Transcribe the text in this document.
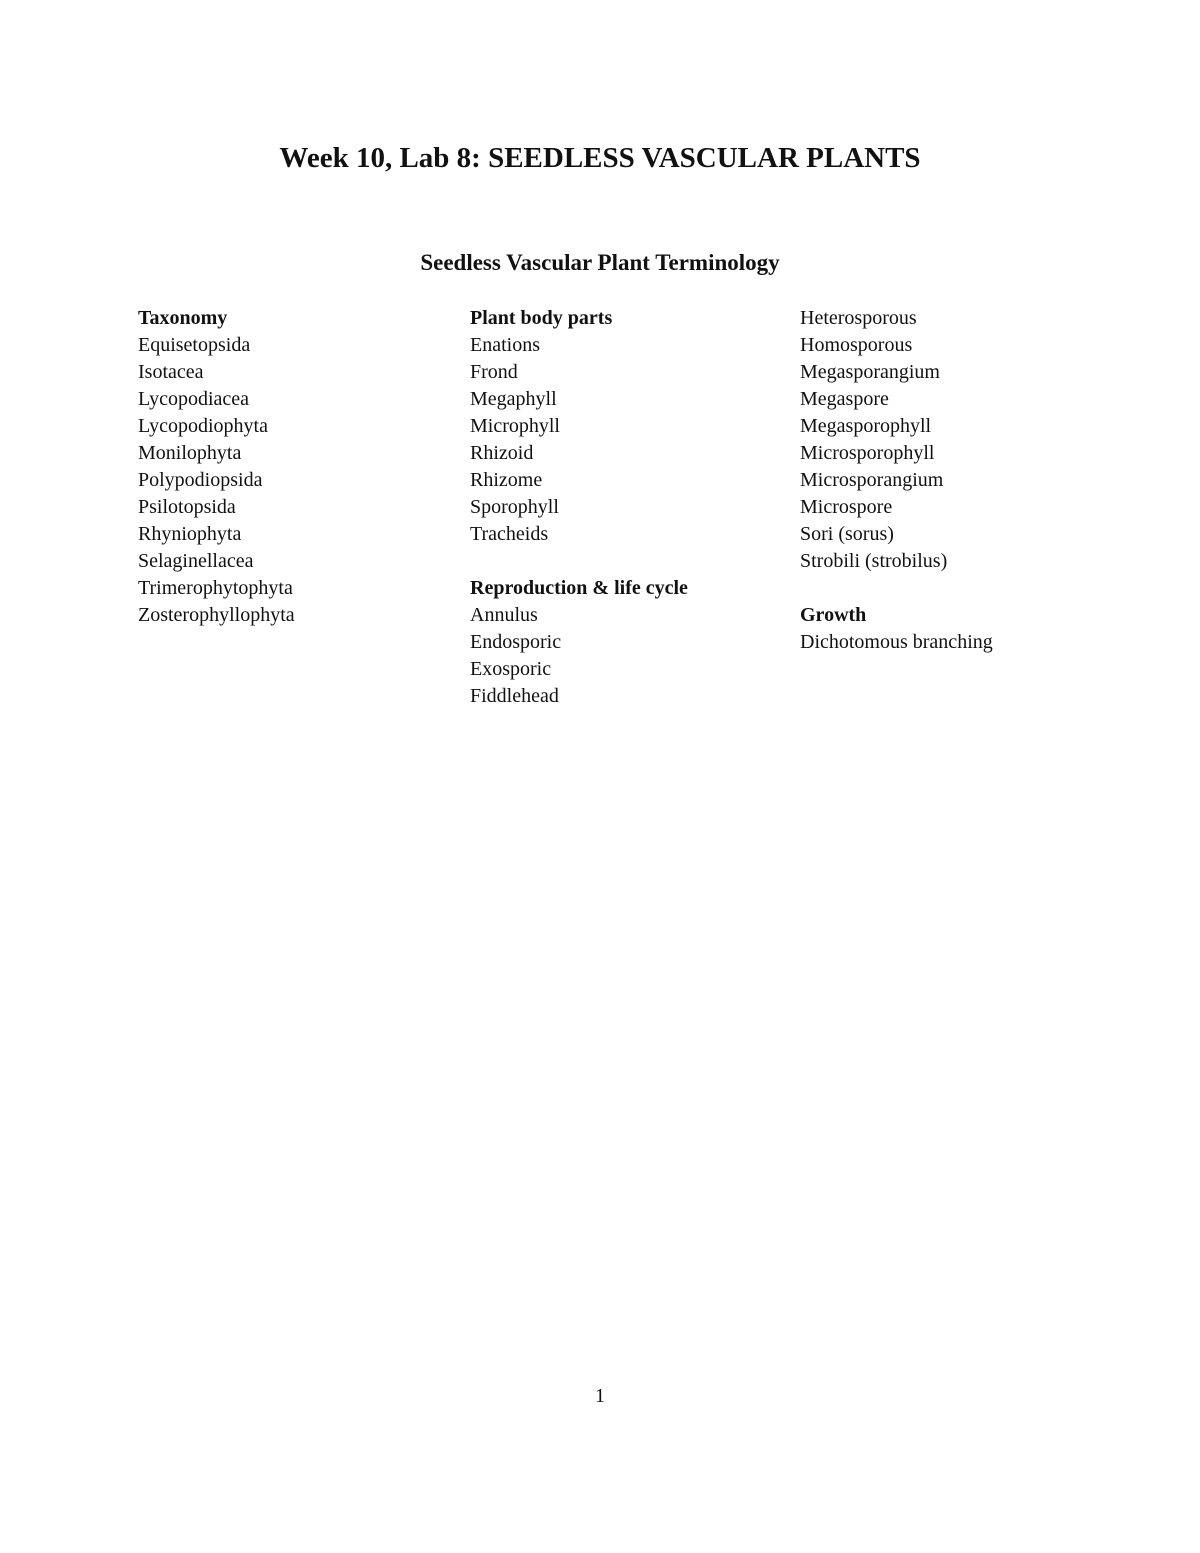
Week 10, Lab 8: SEEDLESS VASCULAR PLANTS
Seedless Vascular Plant Terminology
Taxonomy
Equisetopsida
Isotacea
Lycopodiacea
Lycopodiophyta
Monilophyta
Polypodiopsida
Psilotopsida
Rhyniophyta
Selaginellacea
Trimerophytophyta
Zosterophyllophyta
Plant body parts
Enations
Frond
Megaphyll
Microphyll
Rhizoid
Rhizome
Sporophyll
Tracheids
Reproduction & life cycle
Annulus
Endosporic
Exosporic
Fiddlehead
Heterosporous
Homosporous
Megasporangium
Megaspore
Megasporophyll
Microsporophyll
Microsporangium
Microspore
Sori (sorus)
Strobili (strobilus)
Growth
Dichotomous branching
1
